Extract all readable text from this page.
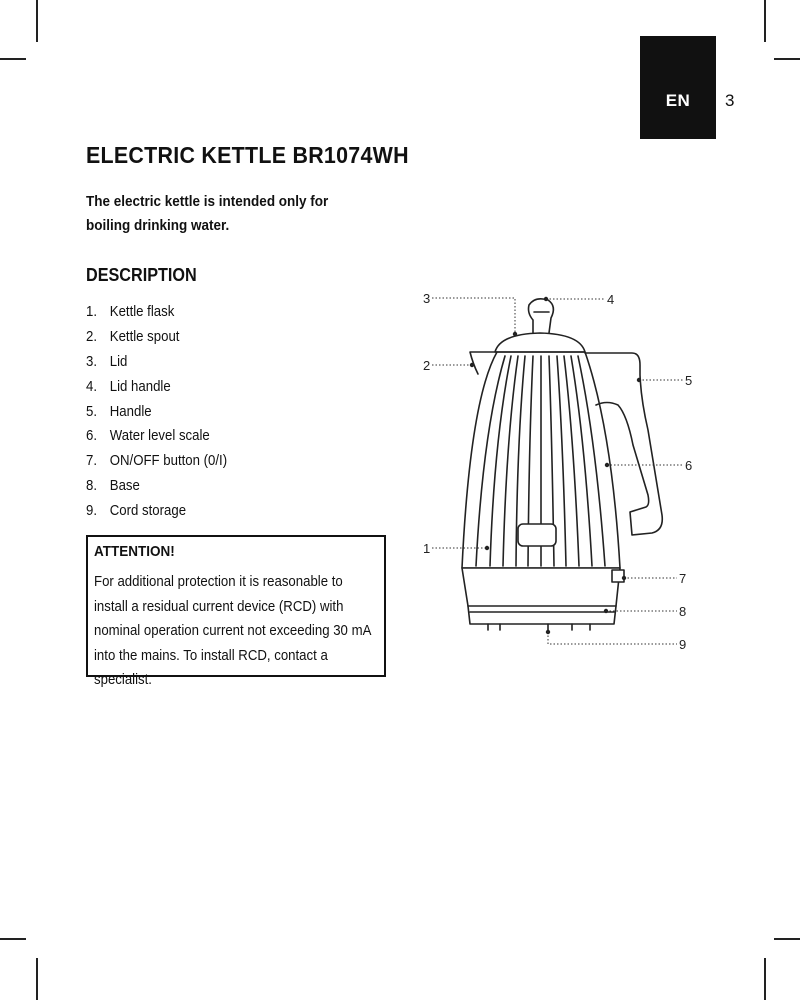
EN 3
ELECTRIC KETTLE BR1074WH

The electric kettle is intended only for boiling drinking water.

DESCRIPTION
1. Kettle flask
2. Kettle spout
3. Lid
4. Lid handle
5. Handle
6. Water level scale
7. ON/OFF button (0/I)
8. Base
9. Cord storage

ATTENTION!

For additional protection it is reasonable to install a residual current device (RCD) with nominal operation current not exceeding 30 mA into the mains. To install RCD, contact a specialist.

1
2
3	4
5
6
7
8
9
